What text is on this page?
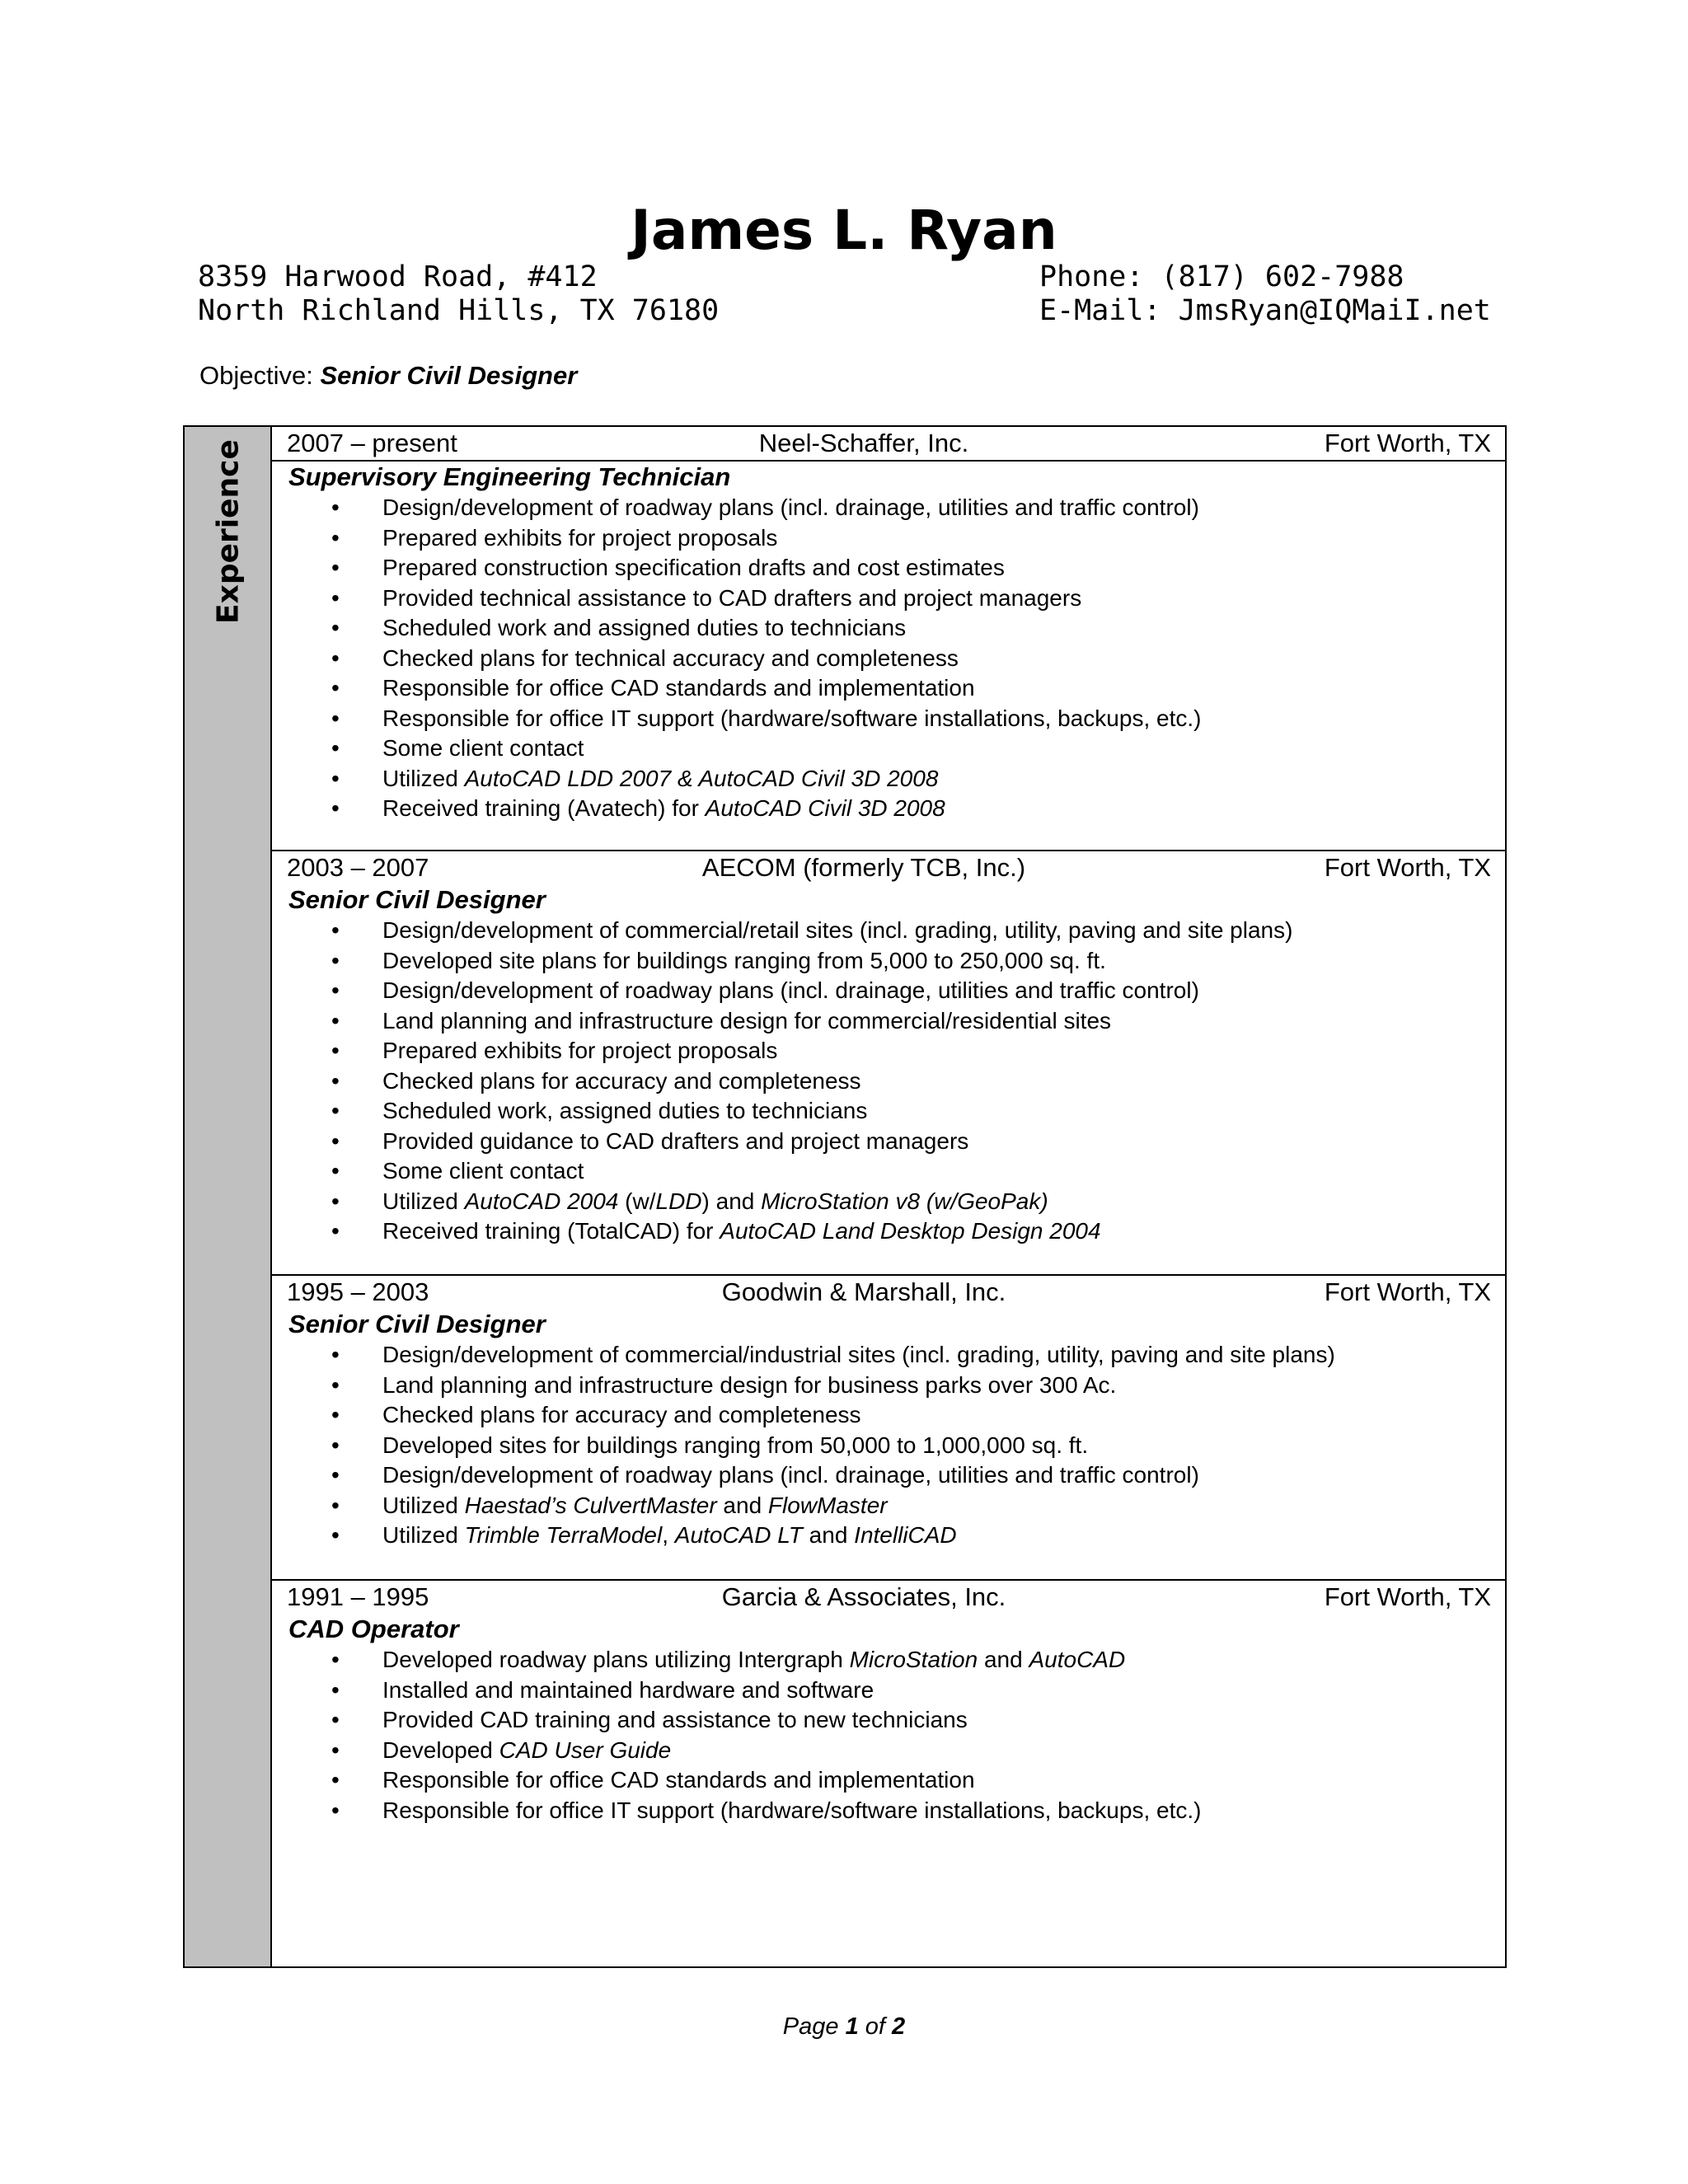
James L. Ryan
8359 Harwood Road, #412
North Richland Hills, TX 76180
Phone: (817) 602-7988
E-Mail: JmsRyan@IQMaiI.net
Objective: Senior Civil Designer
Experience 2007 – present	Neel-Schaffer, Inc.	Fort Worth, TX
Supervisory Engineering Technician
• Design/development of roadway plans (incl. drainage, utilities and traffic control)
• Prepared exhibits for project proposals
• Prepared construction specification drafts and cost estimates
• Provided technical assistance to CAD drafters and project managers
• Scheduled work and assigned duties to technicians
• Checked plans for technical accuracy and completeness
• Responsible for office CAD standards and implementation
• Responsible for office IT support (hardware/software installations, backups, etc.)
• Some client contact
• Utilized AutoCAD LDD 2007 & AutoCAD Civil 3D 2008
• Received training (Avatech) for AutoCAD Civil 3D 2008
2003 – 2007	AECOM (formerly TCB, Inc.)	Fort Worth, TX
Senior Civil Designer
• Design/development of commercial/retail sites (incl. grading, utility, paving and site plans)
• Developed site plans for buildings ranging from 5,000 to 250,000 sq. ft.
• Design/development of roadway plans (incl. drainage, utilities and traffic control)
• Land planning and infrastructure design for commercial/residential sites
• Prepared exhibits for project proposals
• Checked plans for accuracy and completeness
• Scheduled work, assigned duties to technicians
• Provided guidance to CAD drafters and project managers
• Some client contact
• Utilized AutoCAD 2004 (w/LDD) and MicroStation v8 (w/GeoPak)
• Received training (TotalCAD) for AutoCAD Land Desktop Design 2004
1995 – 2003	Goodwin & Marshall, Inc.	Fort Worth, TX
Senior Civil Designer
• Design/development of commercial/industrial sites (incl. grading, utility, paving and site plans)
• Land planning and infrastructure design for business parks over 300 Ac.
• Checked plans for accuracy and completeness
• Developed sites for buildings ranging from 50,000 to 1,000,000 sq. ft.
• Design/development of roadway plans (incl. drainage, utilities and traffic control)
• Utilized Haestad’s CulvertMaster and FlowMaster
• Utilized Trimble TerraModel, AutoCAD LT and IntelliCAD
1991 – 1995	Garcia & Associates, Inc.	Fort Worth, TX
CAD Operator
• Developed roadway plans utilizing Intergraph MicroStation and AutoCAD
• Installed and maintained hardware and software
• Provided CAD training and assistance to new technicians
• Developed CAD User Guide
• Responsible for office CAD standards and implementation
• Responsible for office IT support (hardware/software installations, backups, etc.)
Page 1 of 2
